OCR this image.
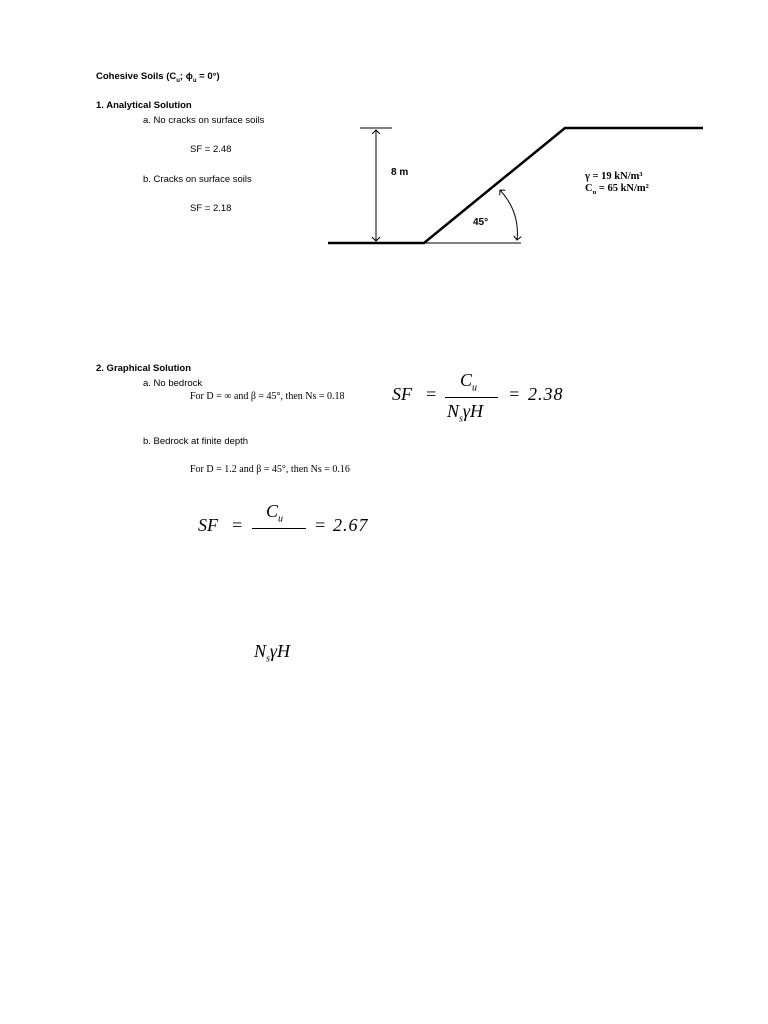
Cohesive Soils ($C_u$; $\phi_u = 0^\circ$)
1. Analytical Solution
a. No cracks on surface soils
SF = 2.48
b. Cracks on surface soils
SF = 2.18
8 m
45°
γ = 19 kN/m³
$C_u = 65$ kN/m²
2. Graphical Solution
a. No bedrock
For D = ∞ and β = 45°, then Ns = 0.18
b. Bedrock at finite depth
For D = 1.2 and β = 45°, then Ns = 0.16
SF =
$C_u$
$N_s\gamma H$
= 2.38
SF =
$C_u = 2.67$
$N_s\gamma H$
